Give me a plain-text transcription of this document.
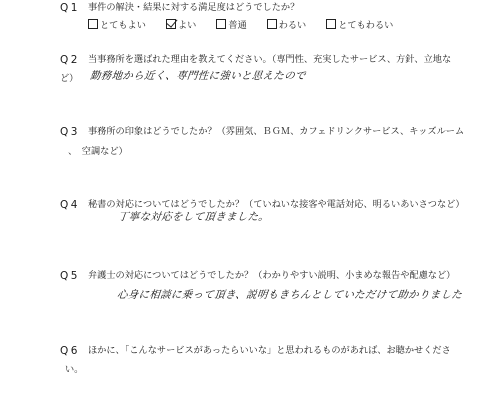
Q1 事件の解決・結果に対する満足度はどうでしたか？
とてもよい	よい	普通	わるい	とてもわるい
Q2 当事務所を選ばれた理由を教えてください。（専門性、充実したサービス、方針、立地な
ど） 勤務地から近く、専門性に強いと思えたので
Q3 事務所の印象はどうでしたか？（雰囲気、ＢＧＭ、カフェドリンクサービス、キッズルーム
、　空調など）
Q4 秘書の対応についてはどうでしたか？（ていねいな接客や電話対応、明るいあいさつなど）
丁寧な対応をして頂きました。
Q5 弁護士の対応についてはどうでしたか？（わかりやすい説明、小まめな報告や配慮など）
心身に相談に乗って頂き、説明もきちんとしていただけて助かりました
Q6 ほかに、「こんなサービスがあったらいいな」と思われるものがあれば、お聴かせくださ
い。
